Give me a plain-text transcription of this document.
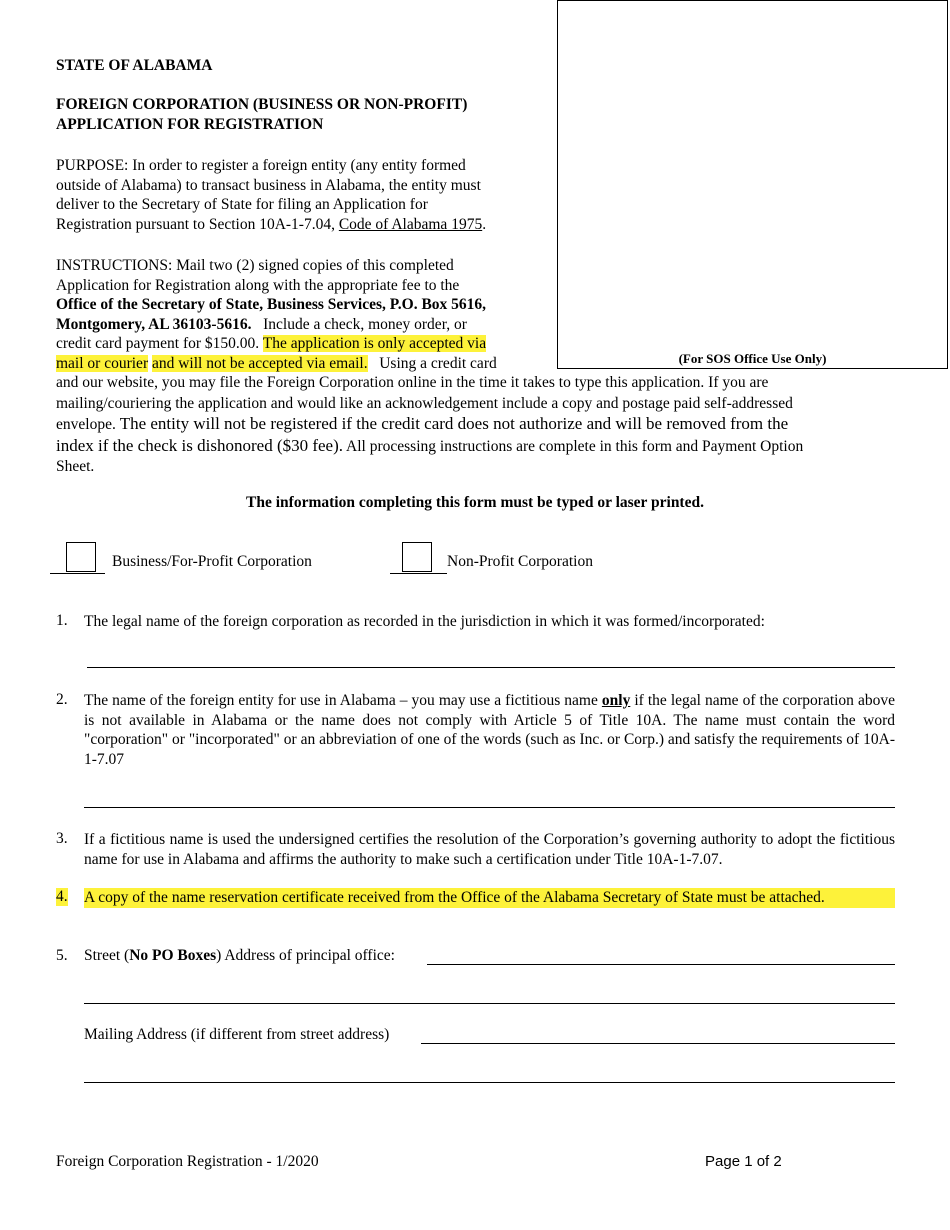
(For SOS Office Use Only)
STATE OF ALABAMA
FOREIGN CORPORATION (BUSINESS OR NON-PROFIT)
APPLICATION FOR REGISTRATION
PURPOSE: In order to register a foreign entity (any entity formed
outside of Alabama) to transact business in Alabama, the entity must
deliver to the Secretary of State for filing an Application for
Registration pursuant to Section 10A-1-7.04, Code of Alabama 1975.
INSTRUCTIONS: Mail two (2) signed copies of this completed
Application for Registration along with the appropriate fee to the
Office of the Secretary of State, Business Services, P.O. Box 5616,
Montgomery, AL 36103-5616.   Include a check, money order, or
credit card payment for $150.00. The application is only accepted via
mail or courier and will not be accepted via email.   Using a credit card
and our website, you may file the Foreign Corporation online in the time it takes to type this application. If you are
mailing/couriering the application and would like an acknowledgement include a copy and postage paid self-addressed
envelope. The entity will not be registered if the credit card does not authorize and will be removed from the
index if the check is dishonored ($30 fee). All processing instructions are complete in this form and Payment Option
Sheet.
The information completing this form must be typed or laser printed.
Business/For-Profit Corporation	Non-Profit Corporation
1. The legal name of the foreign corporation as recorded in the jurisdiction in which it was formed/incorporated:
2. The name of the foreign entity for use in Alabama – you may use a fictitious name only if the legal name of the corporation above is not available in Alabama or the name does not comply with Article 5 of Title 10A. The name must contain the word "corporation" or "incorporated" or an abbreviation of one of the words (such as Inc. or Corp.) and satisfy the requirements of 10A-1-7.07
3. If a fictitious name is used the undersigned certifies the resolution of the Corporation’s governing authority to adopt the fictitious name for use in Alabama and affirms the authority to make such a certification under Title 10A-1-7.07.
4. A copy of the name reservation certificate received from the Office of the Alabama Secretary of State must be attached.
5. Street (No PO Boxes) Address of principal office:
Mailing Address (if different from street address)
Foreign Corporation Registration - 1/2020	Page 1 of 2
